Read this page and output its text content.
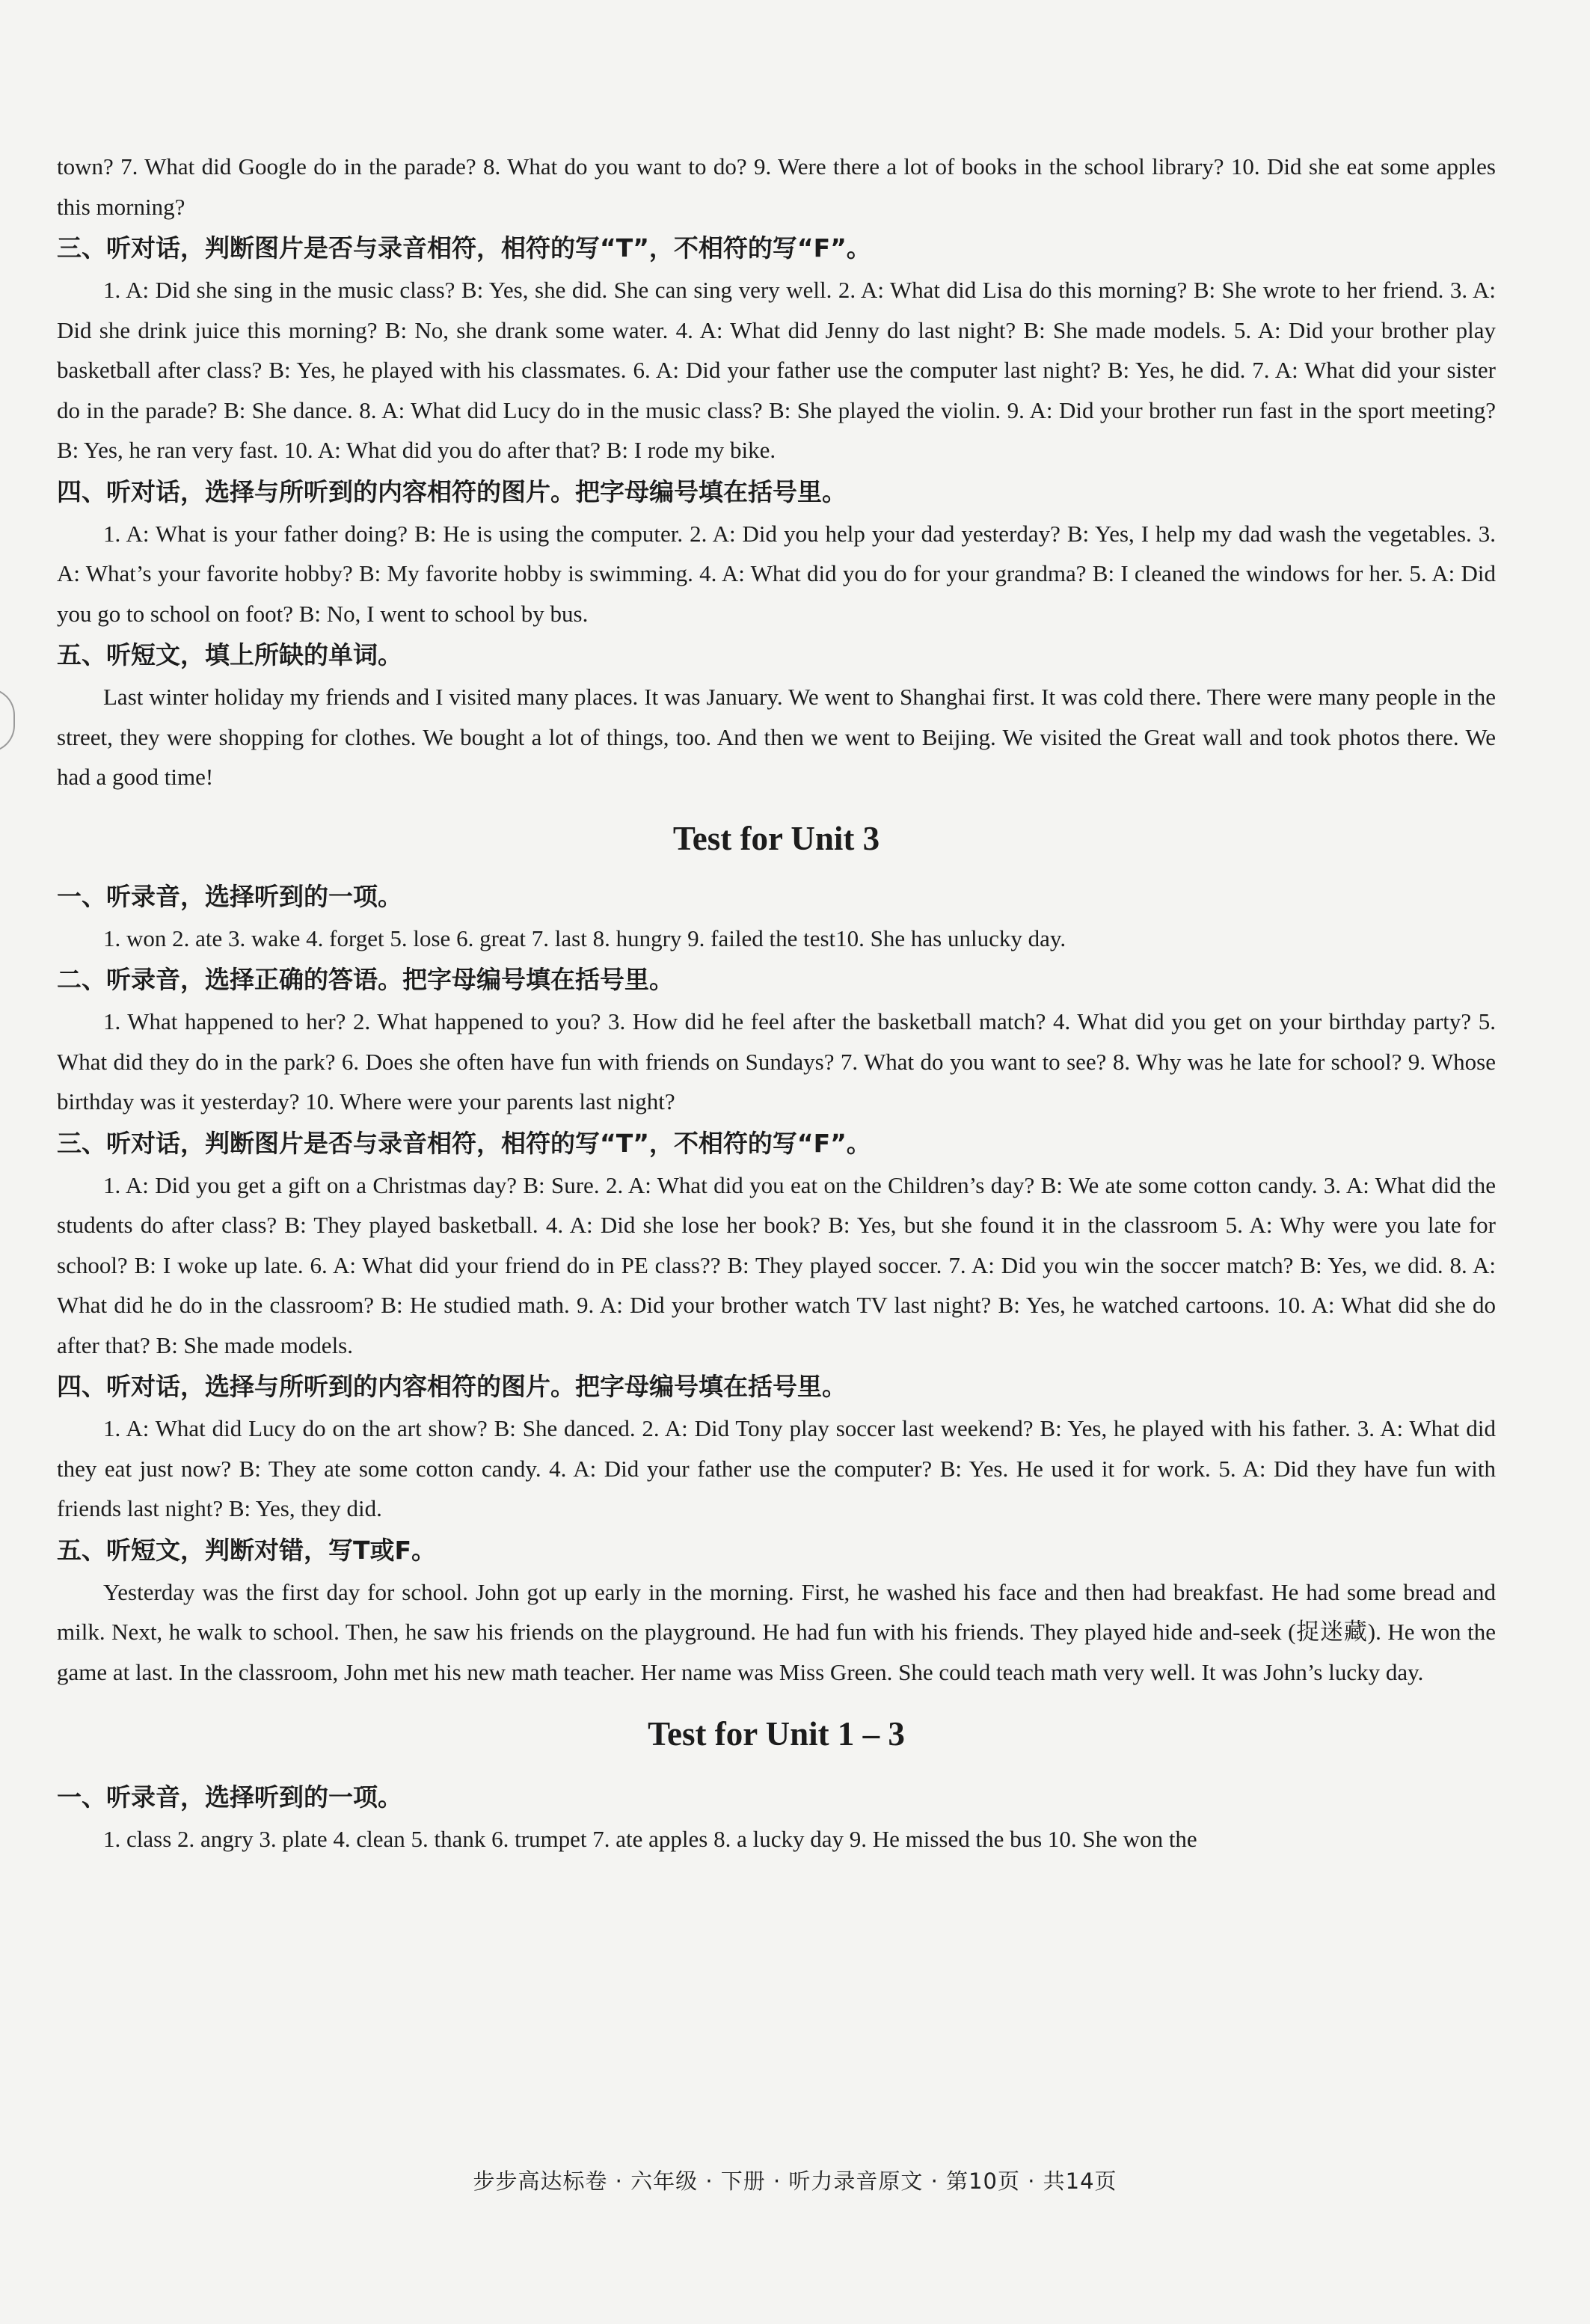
town? 7. What did Google do in the parade? 8. What do you want to do? 9. Were there a lot of books in the school library? 10. Did she eat some apples this morning?

三、听对话，判断图片是否与录音相符，相符的写“T”，不相符的写“F”。

1. A: Did she sing in the music class? B: Yes, she did. She can sing very well. 2. A: What did Lisa do this morning? B: She wrote to her friend. 3. A: Did she drink juice this morning? B: No, she drank some water. 4. A: What did Jenny do last night? B: She made models. 5. A: Did your brother play basketball after class? B: Yes, he played with his classmates. 6. A: Did your father use the computer last night? B: Yes, he did. 7. A: What did your sister do in the parade? B: She dance. 8. A: What did Lucy do in the music class? B: She played the violin. 9. A: Did your brother run fast in the sport meeting? B: Yes, he ran very fast. 10. A: What did you do after that? B: I rode my bike.

四、听对话，选择与所听到的内容相符的图片。把字母编号填在括号里。

1. A: What is your father doing? B: He is using the computer. 2. A: Did you help your dad yesterday? B: Yes, I help my dad wash the vegetables. 3. A: What’s your favorite hobby? B: My favorite hobby is swimming. 4. A: What did you do for your grandma? B: I cleaned the windows for her. 5. A: Did you go to school on foot? B: No, I went to school by bus.

五、听短文，填上所缺的单词。

Last winter holiday my friends and I visited many places. It was January. We went to Shanghai first. It was cold there. There were many people in the street, they were shopping for clothes. We bought a lot of things, too. And then we went to Beijing. We visited the Great wall and took photos there. We had a good time!

Test for Unit 3

一、听录音，选择听到的一项。

1. won 2. ate 3. wake 4. forget 5. lose 6. great 7. last 8. hungry 9. failed the test10. She has unlucky day.

二、听录音，选择正确的答语。把字母编号填在括号里。

1. What happened to her? 2. What happened to you? 3. How did he feel after the basketball match? 4. What did you get on your birthday party? 5. What did they do in the park? 6. Does she often have fun with friends on Sundays? 7. What do you want to see? 8. Why was he late for school? 9. Whose birthday was it yesterday? 10. Where were your parents last night?

三、听对话，判断图片是否与录音相符，相符的写“T”，不相符的写“F”。

1. A: Did you get a gift on a Christmas day? B: Sure. 2. A: What did you eat on the Children’s day? B: We ate some cotton candy. 3. A: What did the students do after class? B: They played basketball. 4. A: Did she lose her book? B: Yes, but she found it in the classroom 5. A: Why were you late for school? B: I woke up late. 6. A: What did your friend do in PE class?? B: They played soccer. 7. A: Did you win the soccer match? B: Yes, we did. 8. A: What did he do in the classroom? B: He studied math. 9. A: Did your brother watch TV last night? B: Yes, he watched cartoons. 10. A: What did she do after that? B: She made models.

四、听对话，选择与所听到的内容相符的图片。把字母编号填在括号里。

1. A: What did Lucy do on the art show? B: She danced. 2. A: Did Tony play soccer last weekend? B: Yes, he played with his father. 3. A: What did they eat just now? B: They ate some cotton candy. 4. A: Did your father use the computer? B: Yes. He used it for work. 5. A: Did they have fun with friends last night? B: Yes, they did.

五、听短文，判断对错，写T或F。

Yesterday was the first day for school. John got up early in the morning. First, he washed his face and then had breakfast. He had some bread and milk. Next, he walk to school. Then, he saw his friends on the playground. He had fun with his friends. They played hide and-seek (捉迷藏). He won the game at last. In the classroom, John met his new math teacher. Her name was Miss Green. She could teach math very well. It was John’s lucky day.

Test for Unit 1 – 3

一、听录音，选择听到的一项。

1. class 2. angry 3. plate 4. clean 5. thank 6. trumpet 7. ate apples 8. a lucky day 9. He missed the bus 10. She won the

步步高达标卷 · 六年级 · 下册 · 听力录音原文 · 第10页 · 共14页
